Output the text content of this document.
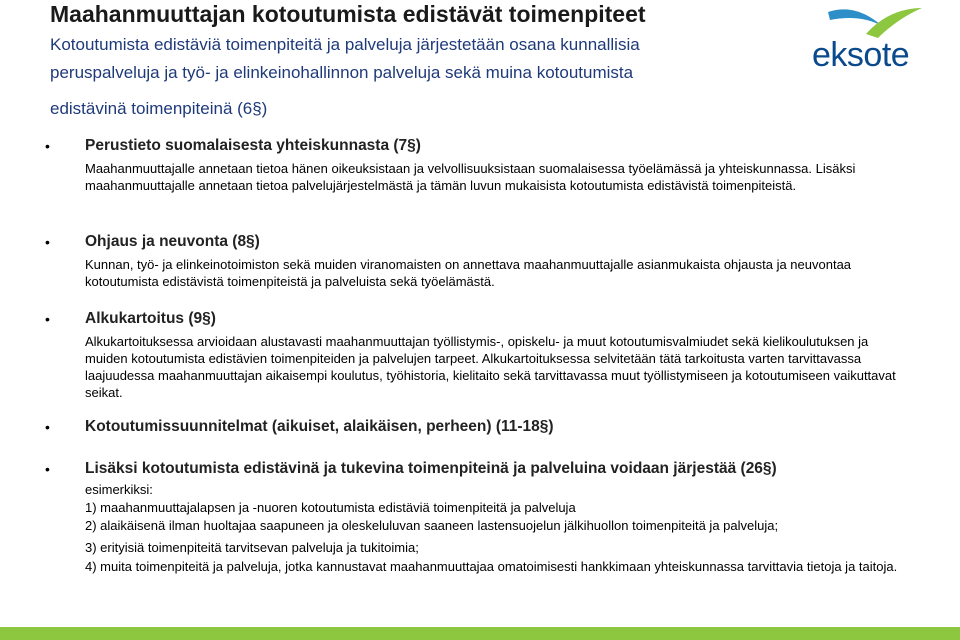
Maahanmuuttajan kotoutumista edistävät toimenpiteet
Kotoutumista edistäviä toimenpiteitä ja palveluja järjestetään osana kunnallisia
peruspalveluja ja työ- ja elinkeinohallinnon palveluja sekä muina kotoutumista
edistävinä toimenpiteinä (6§)
eksote
• Perustieto suomalaisesta yhteiskunnasta (7§)
Maahanmuuttajalle annetaan tietoa hänen oikeuksistaan ja velvollisuuksistaan suomalaisessa työelämässä ja yhteiskunnassa. Lisäksi maahanmuuttajalle annetaan tietoa palvelujärjestelmästä ja tämän luvun mukaisista kotoutumista edistävistä toimenpiteistä.
• Ohjaus ja neuvonta (8§)
Kunnan, työ- ja elinkeinotoimiston sekä muiden viranomaisten on annettava maahanmuuttajalle asianmukaista ohjausta ja neuvontaa kotoutumista edistävistä toimenpiteistä ja palveluista sekä työelämästä.
• Alkukartoitus (9§)
Alkukartoituksessa arvioidaan alustavasti maahanmuuttajan työllistymis-, opiskelu- ja muut kotoutumisvalmiudet sekä kielikoulutuksen ja muiden kotoutumista edistävien toimenpiteiden ja palvelujen tarpeet. Alkukartoituksessa selvitetään tätä tarkoitusta varten tarvittavassa laajuudessa maahanmuuttajan aikaisempi koulutus, työhistoria, kielitaito sekä tarvittavassa muut työllistymiseen ja kotoutumiseen vaikuttavat seikat.
• Kotoutumissuunnitelmat (aikuiset, alaikäisen, perheen) (11-18§)
• Lisäksi kotoutumista edistävinä ja tukevina toimenpiteinä ja palveluina voidaan järjestää (26§)
esimerkiksi:
1) maahanmuuttajalapsen ja -nuoren kotoutumista edistäviä toimenpiteitä ja palveluja
2) alaikäisenä ilman huoltajaa saapuneen ja oleskeluluvan saaneen lastensuojelun jälkihuollon toimenpiteitä ja palveluja;
3) erityisiä toimenpiteitä tarvitsevan palveluja ja tukitoimia;
4) muita toimenpiteitä ja palveluja, jotka kannustavat maahanmuuttajaa omatoimisesti hankkimaan yhteiskunnassa tarvittavia tietoja ja taitoja.
